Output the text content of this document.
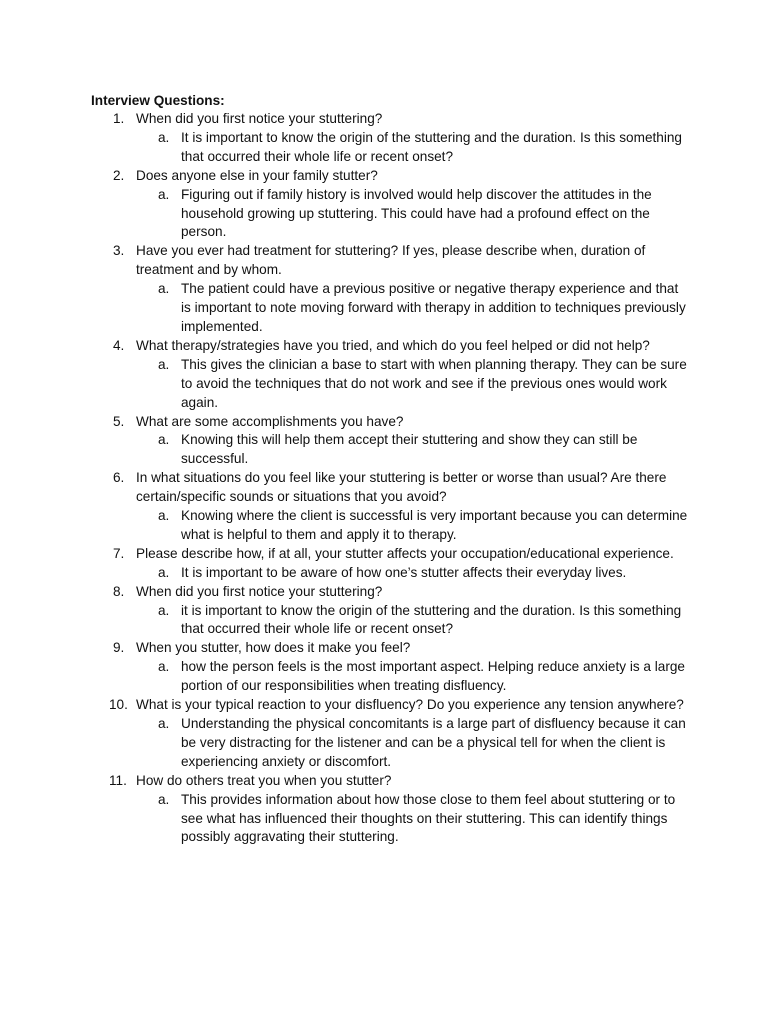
Interview Questions:

1. When did you first notice your stuttering?
a. It is important to know the origin of the stuttering and the duration. Is this something that occurred their whole life or recent onset?
2. Does anyone else in your family stutter?
a. Figuring out if family history is involved would help discover the attitudes in the household growing up stuttering. This could have had a profound effect on the person.
3. Have you ever had treatment for stuttering? If yes, please describe when, duration of treatment and by whom.
a. The patient could have a previous positive or negative therapy experience and that is important to note moving forward with therapy in addition to techniques previously implemented.
4. What therapy/strategies have you tried, and which do you feel helped or did not help?
a. This gives the clinician a base to start with when planning therapy. They can be sure to avoid the techniques that do not work and see if the previous ones would work again.
5. What are some accomplishments you have?
a. Knowing this will help them accept their stuttering and show they can still be successful.
6. In what situations do you feel like your stuttering is better or worse than usual? Are there certain/specific sounds or situations that you avoid?
a. Knowing where the client is successful is very important because you can determine what is helpful to them and apply it to therapy.
7. Please describe how, if at all, your stutter affects your occupation/educational experience.
a. It is important to be aware of how one’s stutter affects their everyday lives.
8. When did you first notice your stuttering?
a. it is important to know the origin of the stuttering and the duration. Is this something that occurred their whole life or recent onset?
9. When you stutter, how does it make you feel?
a. how the person feels is the most important aspect. Helping reduce anxiety is a large portion of our responsibilities when treating disfluency.
10. What is your typical reaction to your disfluency? Do you experience any tension anywhere?
a. Understanding the physical concomitants is a large part of disfluency because it can be very distracting for the listener and can be a physical tell for when the client is experiencing anxiety or discomfort.
11. How do others treat you when you stutter?
a. This provides information about how those close to them feel about stuttering or to see what has influenced their thoughts on their stuttering. This can identify things possibly aggravating their stuttering.
